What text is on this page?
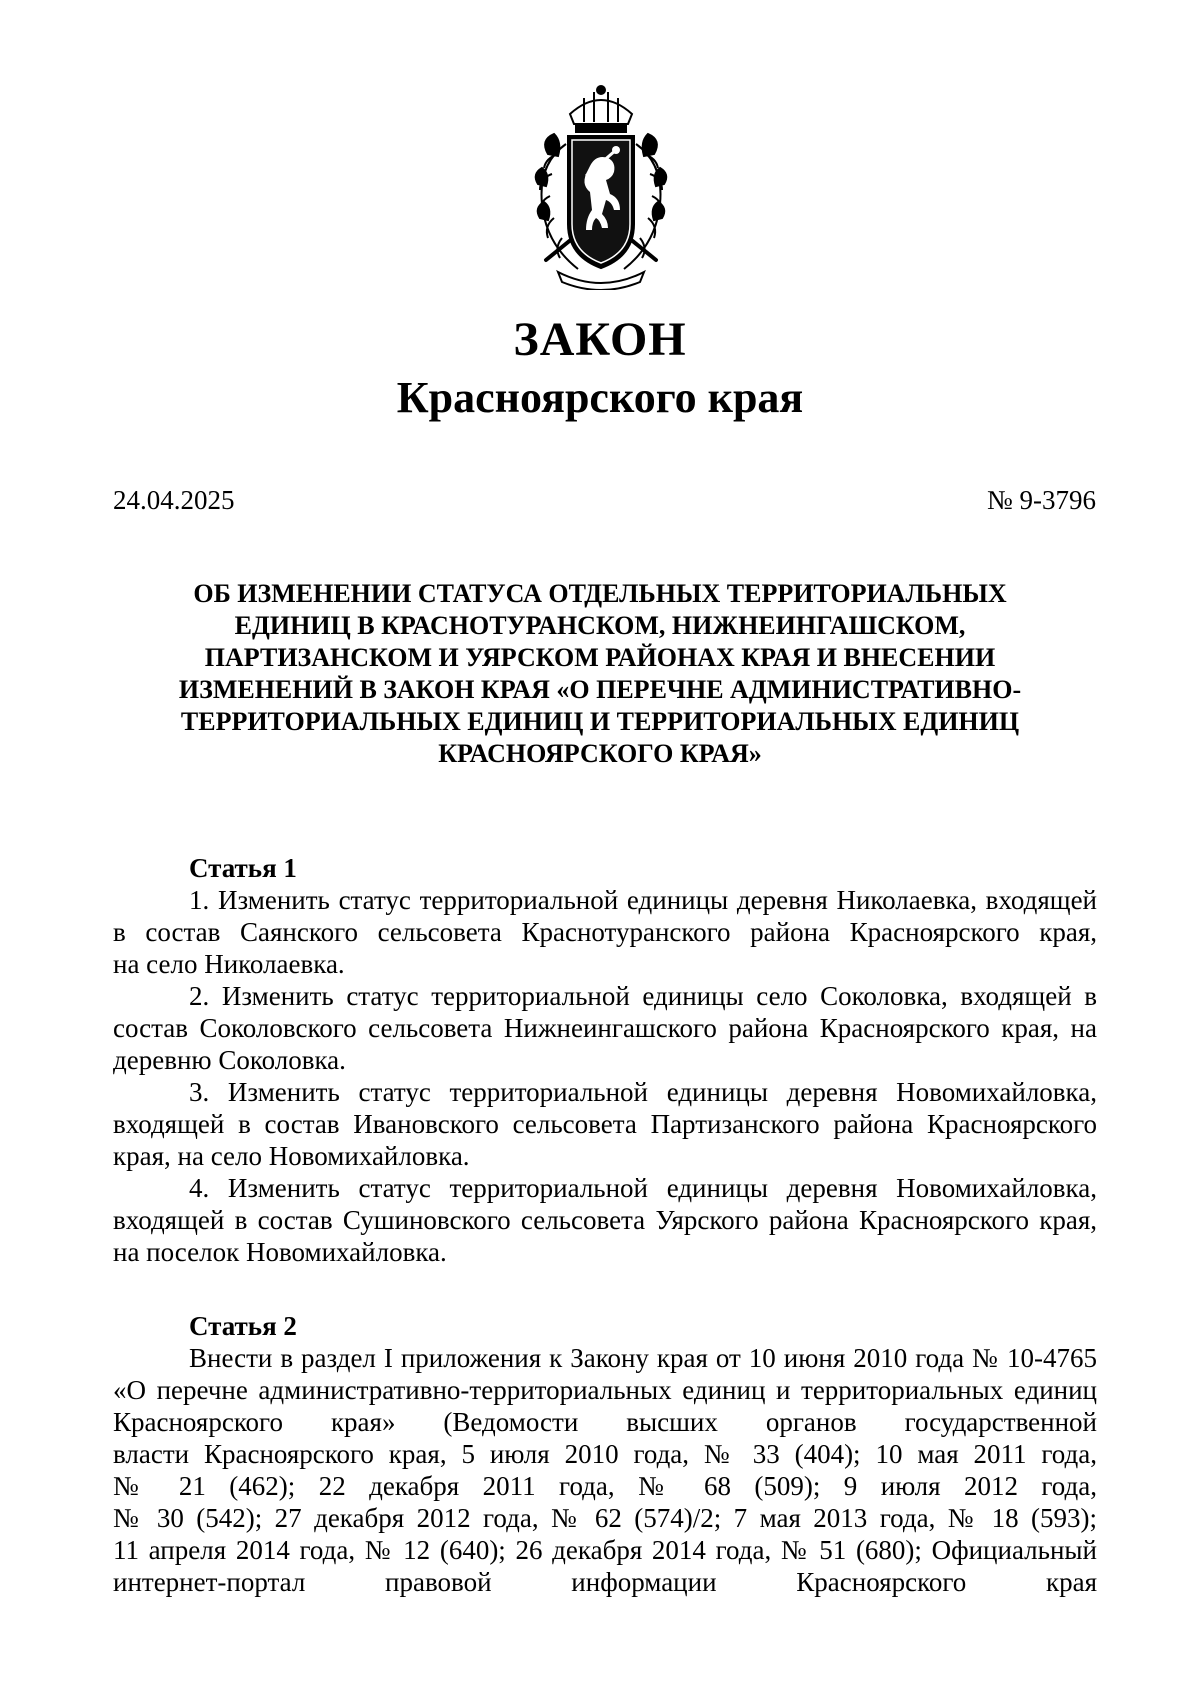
ЗАКОН
Красноярского края
24.04.2025	№ 9-3796
ОБ ИЗМЕНЕНИИ СТАТУСА ОТДЕЛЬНЫХ ТЕРРИТОРИАЛЬНЫХ
ЕДИНИЦ В КРАСНОТУРАНСКОМ, НИЖНЕИНГАШСКОМ,
ПАРТИЗАНСКОМ И УЯРСКОМ РАЙОНАХ КРАЯ И ВНЕСЕНИИ
ИЗМЕНЕНИЙ В ЗАКОН КРАЯ «О ПЕРЕЧНЕ АДМИНИСТРАТИВНО-
ТЕРРИТОРИАЛЬНЫХ ЕДИНИЦ И ТЕРРИТОРИАЛЬНЫХ ЕДИНИЦ
КРАСНОЯРСКОГО КРАЯ»
Статья 1
1. Изменить статус территориальной единицы деревня Николаевка, входящей
в состав Саянского сельсовета Краснотуранского района Красноярского края,
на село Николаевка.
2. Изменить статус территориальной единицы село Соколовка, входящей в
состав Соколовского сельсовета Нижнеингашского района Красноярского края, на
деревню Соколовка.
3. Изменить статус территориальной единицы деревня Новомихайловка,
входящей в состав Ивановского сельсовета Партизанского района Красноярского
края, на село Новомихайловка.
4. Изменить статус территориальной единицы деревня Новомихайловка,
входящей в состав Сушиновского сельсовета Уярского района Красноярского края,
на поселок Новомихайловка.
Статья 2
Внести в раздел I приложения к Закону края от 10 июня 2010 года № 10-4765
«О перечне административно-территориальных единиц и территориальных единиц
Красноярского края» (Ведомости высших органов государственной
власти Красноярского края, 5 июля 2010 года, № 33 (404); 10 мая 2011 года,
№ 21 (462); 22 декабря 2011 года, № 68 (509); 9 июля 2012 года,
№ 30 (542); 27 декабря 2012 года, № 62 (574)/2; 7 мая 2013 года, № 18 (593);
11 апреля 2014 года, № 12 (640); 26 декабря 2014 года, № 51 (680); Официальный
интернет-портал правовой информации Красноярского края
